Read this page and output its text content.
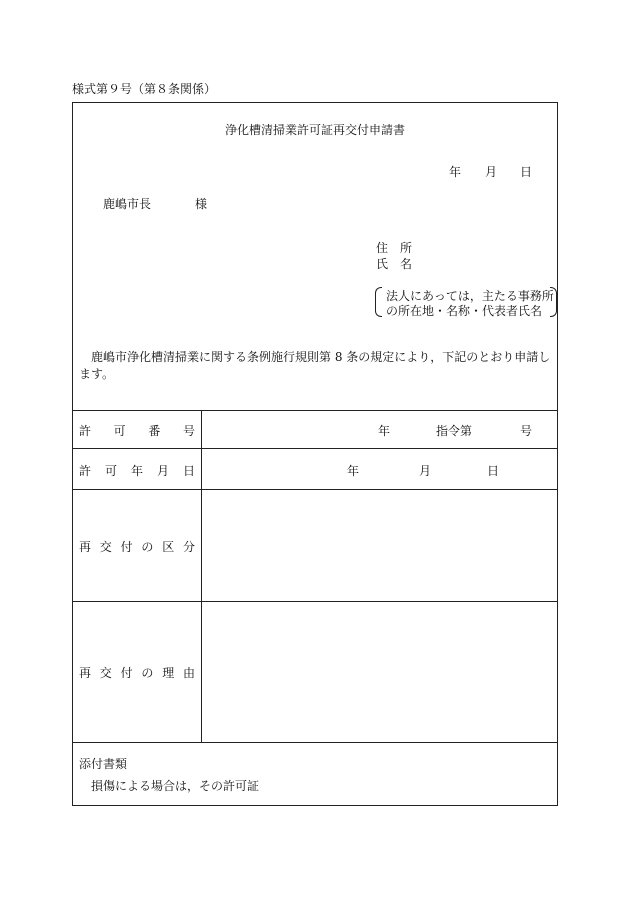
様式第９号（第８条関係）
浄化槽清掃業許可証再交付申請書
年 月 日
鹿嶋市長	様
住　所
氏　名
法人にあっては，主たる事務所
の所在地・名称・代表者氏名
鹿嶋市浄化槽清掃業に関する条例施行規則第 8 条の規定により，下記のとおり申請します。
許 可 番 号	年	指令第	号
許 可 年 月 日	年	月	日
再 交 付 の 区 分
再 交 付 の 理 由
添付書類
損傷による場合は，その許可証
